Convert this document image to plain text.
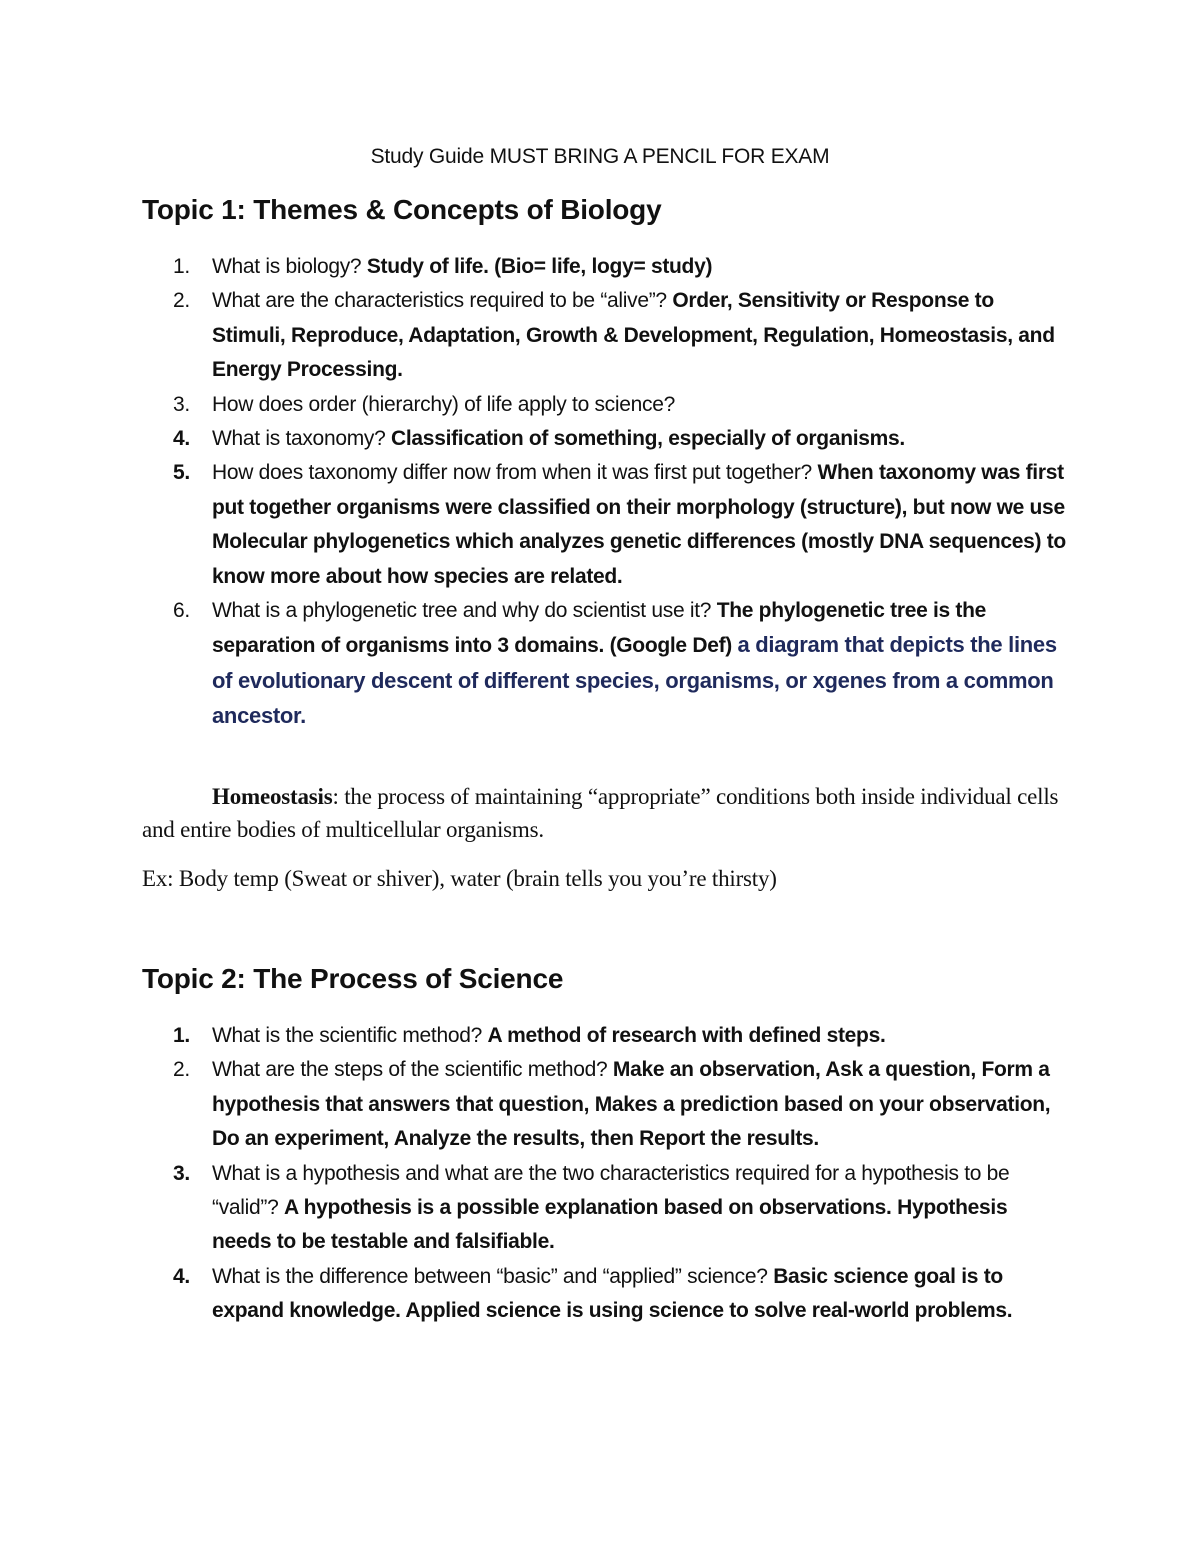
Study Guide MUST BRING A PENCIL FOR EXAM
Topic 1: Themes & Concepts of Biology
1. What is biology? Study of life. (Bio= life, logy= study)
2. What are the characteristics required to be “alive”? Order, Sensitivity or Response to Stimuli, Reproduce, Adaptation, Growth & Development, Regulation, Homeostasis, and Energy Processing.
3. How does order (hierarchy) of life apply to science?
4. What is taxonomy? Classification of something, especially of organisms.
5. How does taxonomy differ now from when it was first put together? When taxonomy was first put together organisms were classified on their morphology (structure), but now we use Molecular phylogenetics which analyzes genetic differences (mostly DNA sequences) to know more about how species are related.
6. What is a phylogenetic tree and why do scientist use it? The phylogenetic tree is the separation of organisms into 3 domains. (Google Def) a diagram that depicts the lines of evolutionary descent of different species, organisms, or xgenes from a common ancestor.

Homeostasis: the process of maintaining “appropriate” conditions both inside individual cells and entire bodies of multicellular organisms.

Ex: Body temp (Sweat or shiver), water (brain tells you you’re thirsty)

Topic 2: The Process of Science
1. What is the scientific method? A method of research with defined steps.
2. What are the steps of the scientific method? Make an observation, Ask a question, Form a hypothesis that answers that question, Makes a prediction based on your observation, Do an experiment, Analyze the results, then Report the results.
3. What is a hypothesis and what are the two characteristics required for a hypothesis to be “valid”? A hypothesis is a possible explanation based on observations. Hypothesis needs to be testable and falsifiable.
4. What is the difference between “basic” and “applied” science? Basic science goal is to expand knowledge. Applied science is using science to solve real-world problems.
